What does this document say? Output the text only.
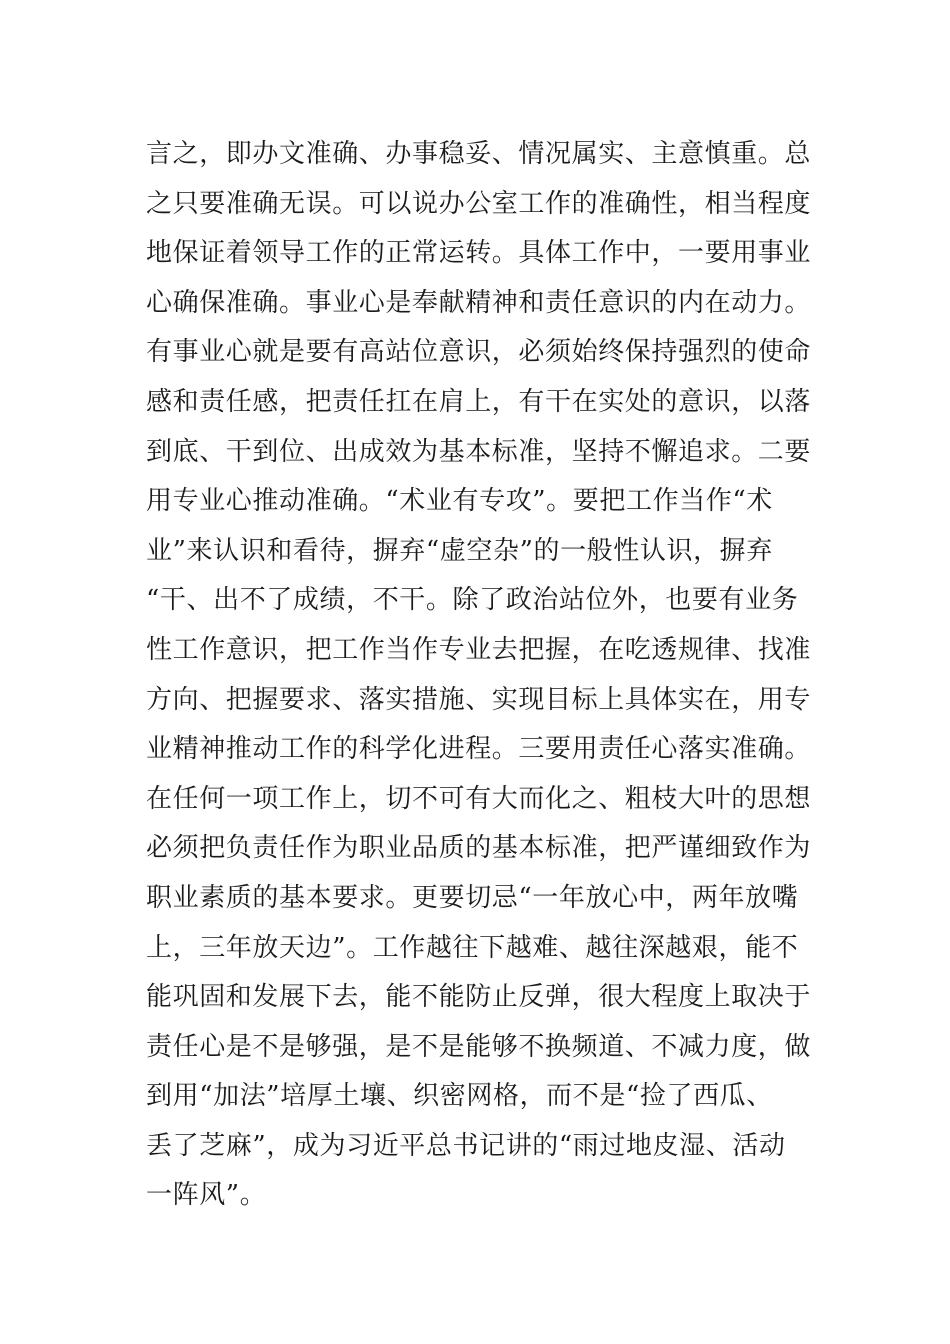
言之，即办文准确、办事稳妥、情况属实、主意慎重。总
之只要准确无误。可以说办公室工作的准确性，相当程度
地保证着领导工作的正常运转。具体工作中，一要用事业
心确保准确。事业心是奉献精神和责任意识的内在动力。
有事业心就是要有高站位意识，必须始终保持强烈的使命
感和责任感，把责任扛在肩上，有干在实处的意识，以落
到底、干到位、出成效为基本标准，坚持不懈追求。二要
用专业心推动准确。“术业有专攻”。要把工作当作“术
业”来认识和看待，摒弃“虚空杂”的一般性认识，摒弃
“干、出不了成绩，不干。除了政治站位外，也要有业务
性工作意识，把工作当作专业去把握，在吃透规律、找准
方向、把握要求、落实措施、实现目标上具体实在，用专
业精神推动工作的科学化进程。三要用责任心落实准确。
在任何一项工作上，切不可有大而化之、粗枝大叶的思想
必须把负责任作为职业品质的基本标准，把严谨细致作为
职业素质的基本要求。更要切忌“一年放心中，两年放嘴
上，三年放天边”。工作越往下越难、越往深越艰，能不
能巩固和发展下去，能不能防止反弹，很大程度上取决于
责任心是不是够强，是不是能够不换频道、不减力度，做
到用“加法”培厚土壤、织密网格，而不是“捡了西瓜、
丢了芝麻”，成为习近平总书记讲的“雨过地皮湿、活动
一阵风”。
